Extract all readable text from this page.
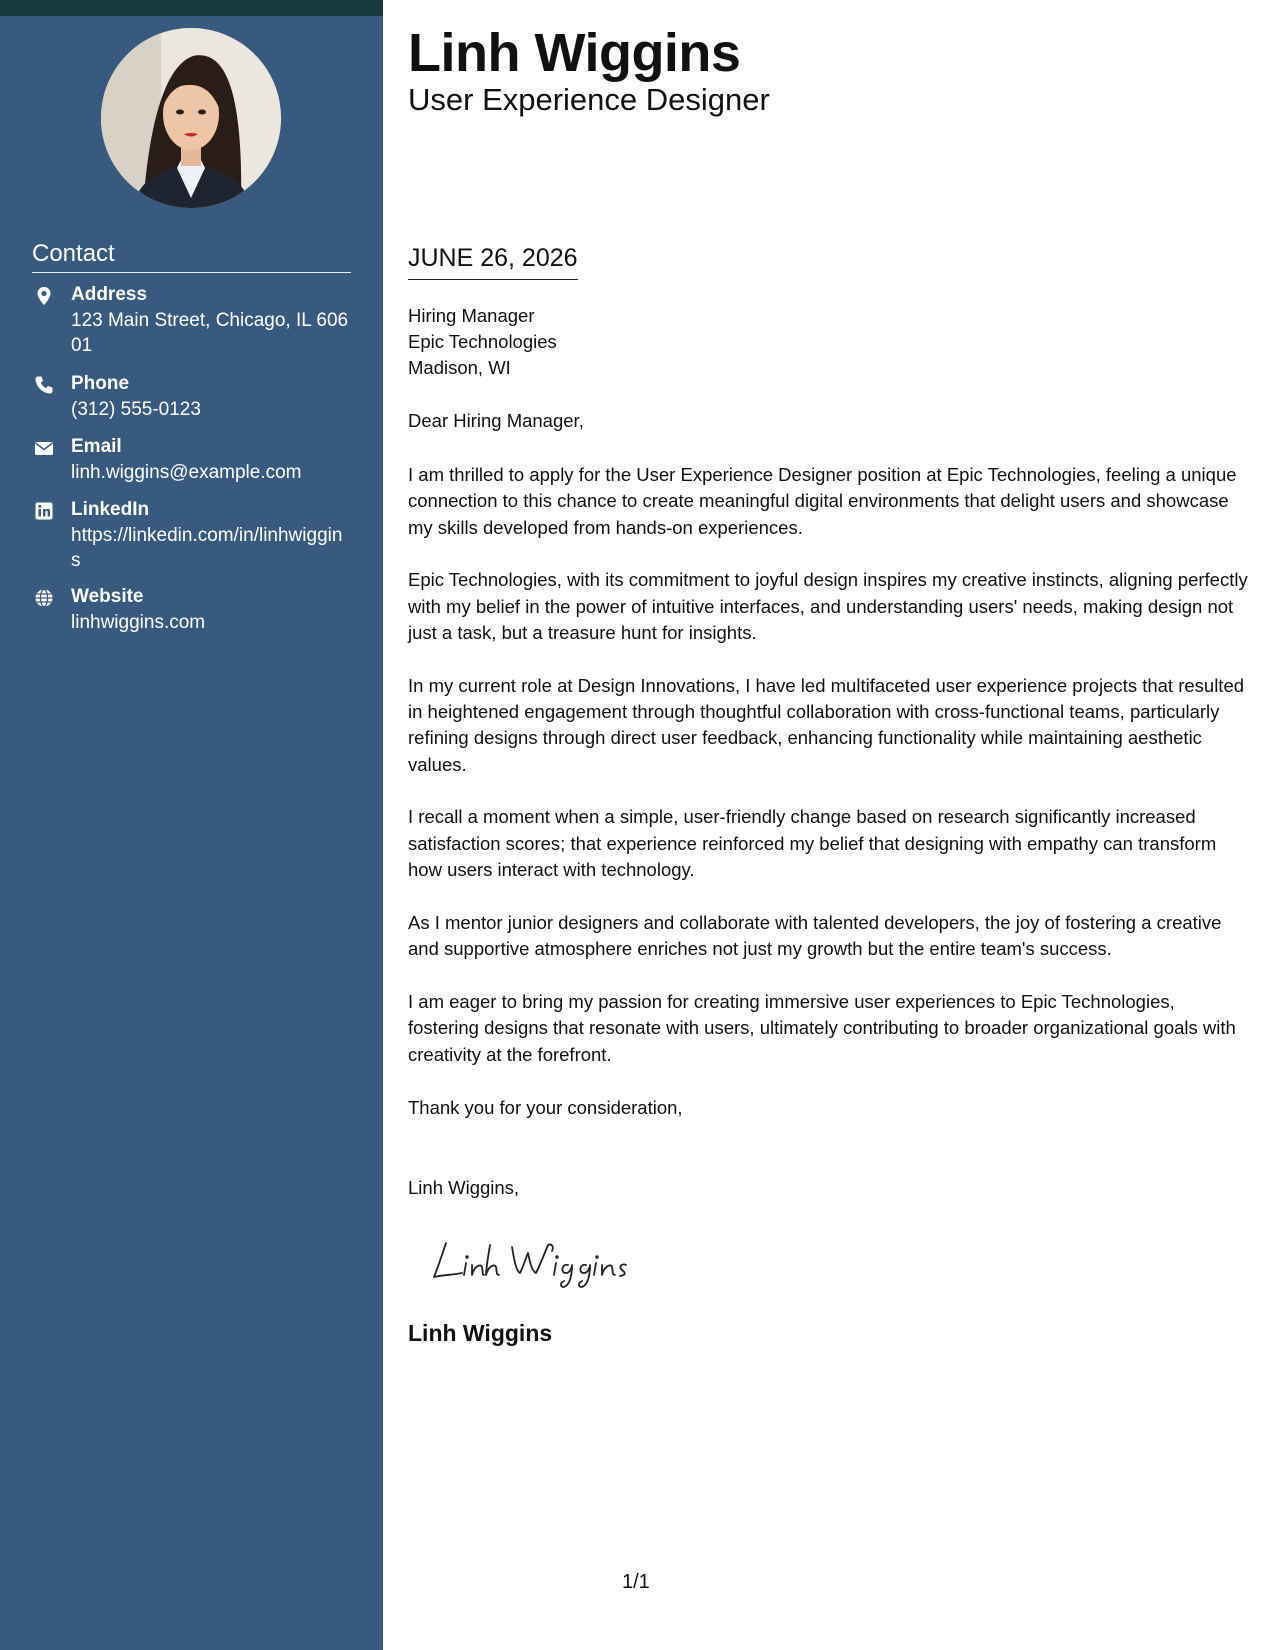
Contact
Address
123 Main Street, Chicago, IL 60601
Phone
(312) 555-0123
Email
linh.wiggins@example.com
LinkedIn
https://linkedin.com/in/linhwiggins
Website
linhwiggins.com
Linh Wiggins
User Experience Designer
JUNE 26, 2026
Hiring Manager
Epic Technologies
Madison, WI
Dear Hiring Manager,

I am thrilled to apply for the User Experience Designer position at Epic Technologies, feeling a unique connection to this chance to create meaningful digital environments that delight users and showcase my skills developed from hands-on experiences.

Epic Technologies, with its commitment to joyful design inspires my creative instincts, aligning perfectly with my belief in the power of intuitive interfaces, and understanding users' needs, making design not just a task, but a treasure hunt for insights.

In my current role at Design Innovations, I have led multifaceted user experience projects that resulted in heightened engagement through thoughtful collaboration with cross-functional teams, particularly refining designs through direct user feedback, enhancing functionality while maintaining aesthetic values.

I recall a moment when a simple, user-friendly change based on research significantly increased satisfaction scores; that experience reinforced my belief that designing with empathy can transform how users interact with technology.

As I mentor junior designers and collaborate with talented developers, the joy of fostering a creative and supportive atmosphere enriches not just my growth but the entire team's success.

I am eager to bring my passion for creating immersive user experiences to Epic Technologies, fostering designs that resonate with users, ultimately contributing to broader organizational goals with creativity at the forefront.

Thank you for your consideration,
Linh Wiggins,
Linh Wiggins
1/1
